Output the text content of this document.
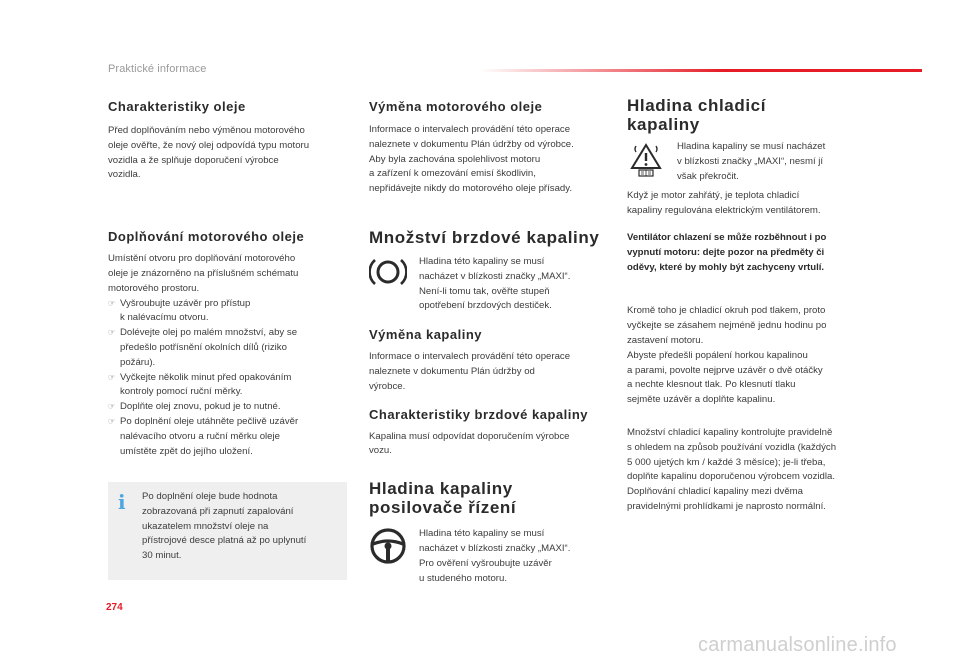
Praktické informace
Charakteristiky oleje

Před doplňováním nebo výměnou motorového

oleje ověřte, že nový olej odpovídá typu motoru

vozidla a že splňuje doporučení výrobce

vozidla.

Doplňování motorového oleje

Umístění otvoru pro doplňování motorového

oleje je znázorněno na příslušném schématu

motorového prostoru.

☞ Vyšroubujte uzávěr pro přístup
k nalévacímu otvoru.
☞ Dolévejte olej po malém množství, aby se
předešlo potřísnění okolních dílů (riziko
požáru).
☞ Vyčkejte několik minut před opakováním
kontroly pomocí ruční měrky.
☞ Doplňte olej znovu, pokud je to nutné.
☞ Po doplnění oleje utáhněte pečlivě uzávěr
nalévacího otvoru a ruční měrku oleje
umístěte zpět do jejího uložení.
i Po doplnění oleje bude hodnota

zobrazovaná při zapnutí zapalování

ukazatelem množství oleje na

přístrojové desce platná až po uplynutí

30 minut.

Výměna motorového oleje

Informace o intervalech provádění této operace

naleznete v dokumentu Plán údržby od výrobce.

Aby byla zachována spolehlivost motoru

a zařízení k omezování emisí škodlivin,

nepřidávejte nikdy do motorového oleje přísady.

Množství brzdové kapaliny

Hladina této kapaliny se musí

nacházet v blízkosti značky „MAXI“.

Není-li tomu tak, ověřte stupeň

opotřebení brzdových destiček.

Výměna kapaliny

Informace o intervalech provádění této operace

naleznete v dokumentu Plán údržby od

výrobce.

Charakteristiky brzdové kapaliny

Kapalina musí odpovídat doporučením výrobce

vozu.

Hladina kapaliny
posilovače řízení

Hladina této kapaliny se musí

nacházet v blízkosti značky „MAXI“.

Pro ověření vyšroubujte uzávěr

u studeného motoru.

Hladina chladicí
kapaliny

Hladina kapaliny se musí nacházet

v blízkosti značky „MAXI“, nesmí jí

však překročit.

Když je motor zahřátý, je teplota chladicí

kapaliny regulována elektrickým ventilátorem.

Ventilátor chlazení se může rozběhnout i po

vypnutí motoru: dejte pozor na předměty či

oděvy, které by mohly být zachyceny vrtulí.

Kromě toho je chladicí okruh pod tlakem, proto

vyčkejte se zásahem nejméně jednu hodinu po

zastavení motoru.

Abyste předešli popálení horkou kapalinou

a parami, povolte nejprve uzávěr o dvě otáčky

a nechte klesnout tlak. Po klesnutí tlaku

sejměte uzávěr a doplňte kapalinu.

Množství chladicí kapaliny kontrolujte pravidelně

s ohledem na způsob používání vozidla (každých

5 000 ujetých km / každé 3 měsíce); je-li třeba,

doplňte kapalinu doporučenou výrobcem vozidla.

Doplňování chladicí kapaliny mezi dvěma

pravidelnými prohlídkami je naprosto normální.

274
carmanualsonline.info
